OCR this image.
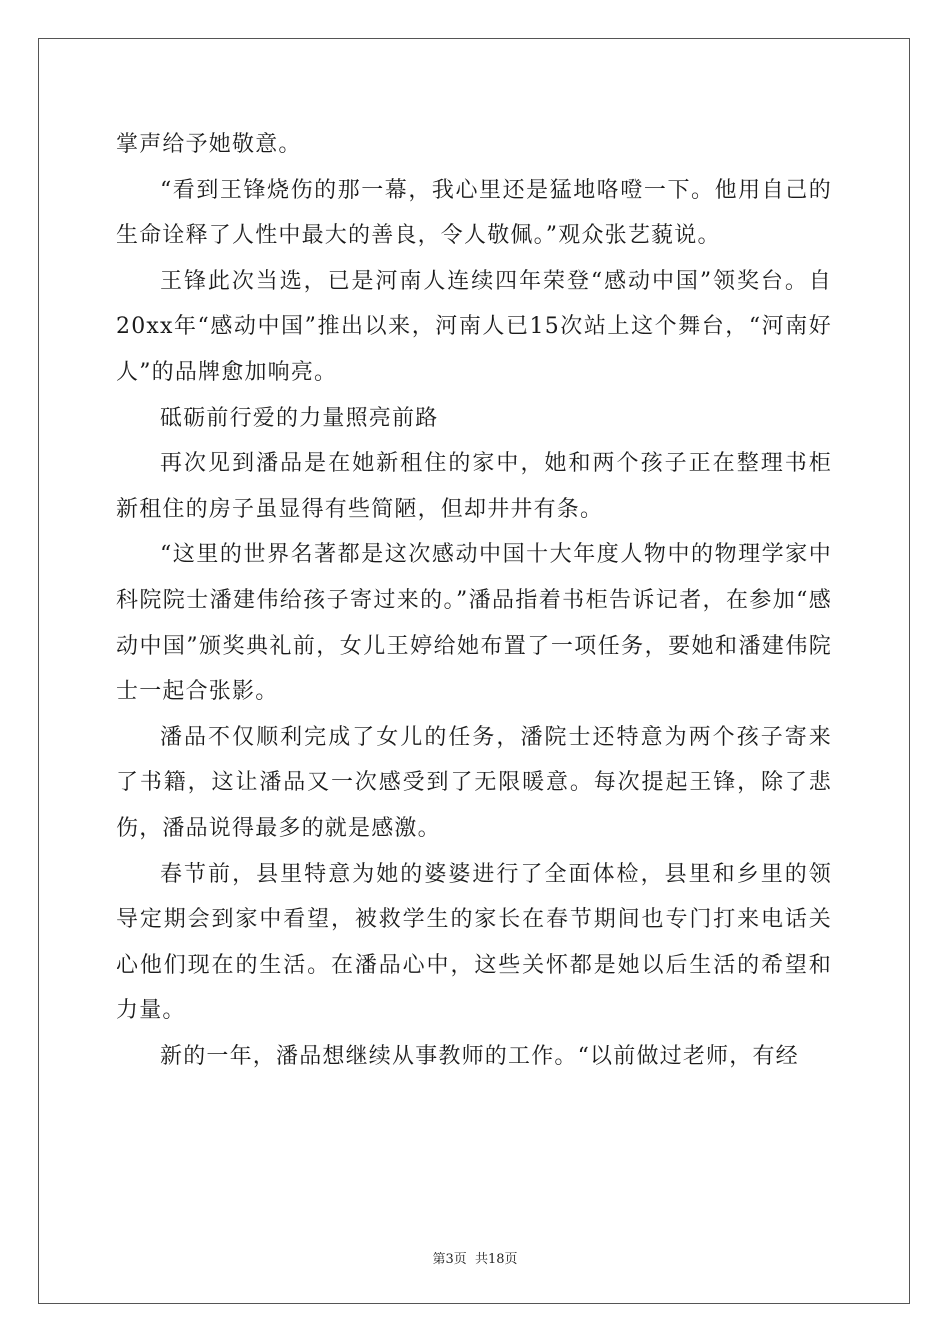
掌声给予她敬意。

“看到王锋烧伤的那一幕，我心里还是猛地咯噔一下。他用自己的生命诠释了人性中最大的善良，令人敬佩。”观众张艺藐说。

王锋此次当选，已是河南人连续四年荣登“感动中国”领奖台。自20xx年“感动中国”推出以来，河南人已15次站上这个舞台，“河南好人”的品牌愈加响亮。

砥砺前行爱的力量照亮前路

再次见到潘品是在她新租住的家中，她和两个孩子正在整理书柜新租住的房子虽显得有些简陋，但却井井有条。

“这里的世界名著都是这次感动中国十大年度人物中的物理学家中科院院士潘建伟给孩子寄过来的。”潘品指着书柜告诉记者，在参加“感动中国”颁奖典礼前，女儿王婷给她布置了一项任务，要她和潘建伟院士一起合张影。

潘品不仅顺利完成了女儿的任务，潘院士还特意为两个孩子寄来了书籍，这让潘品又一次感受到了无限暖意。每次提起王锋，除了悲伤，潘品说得最多的就是感激。

春节前，县里特意为她的婆婆进行了全面体检，县里和乡里的领导定期会到家中看望，被救学生的家长在春节期间也专门打来电话关心他们现在的生活。在潘品心中，这些关怀都是她以后生活的希望和力量。

新的一年，潘品想继续从事教师的工作。“以前做过老师，有经

第3页 共18页
